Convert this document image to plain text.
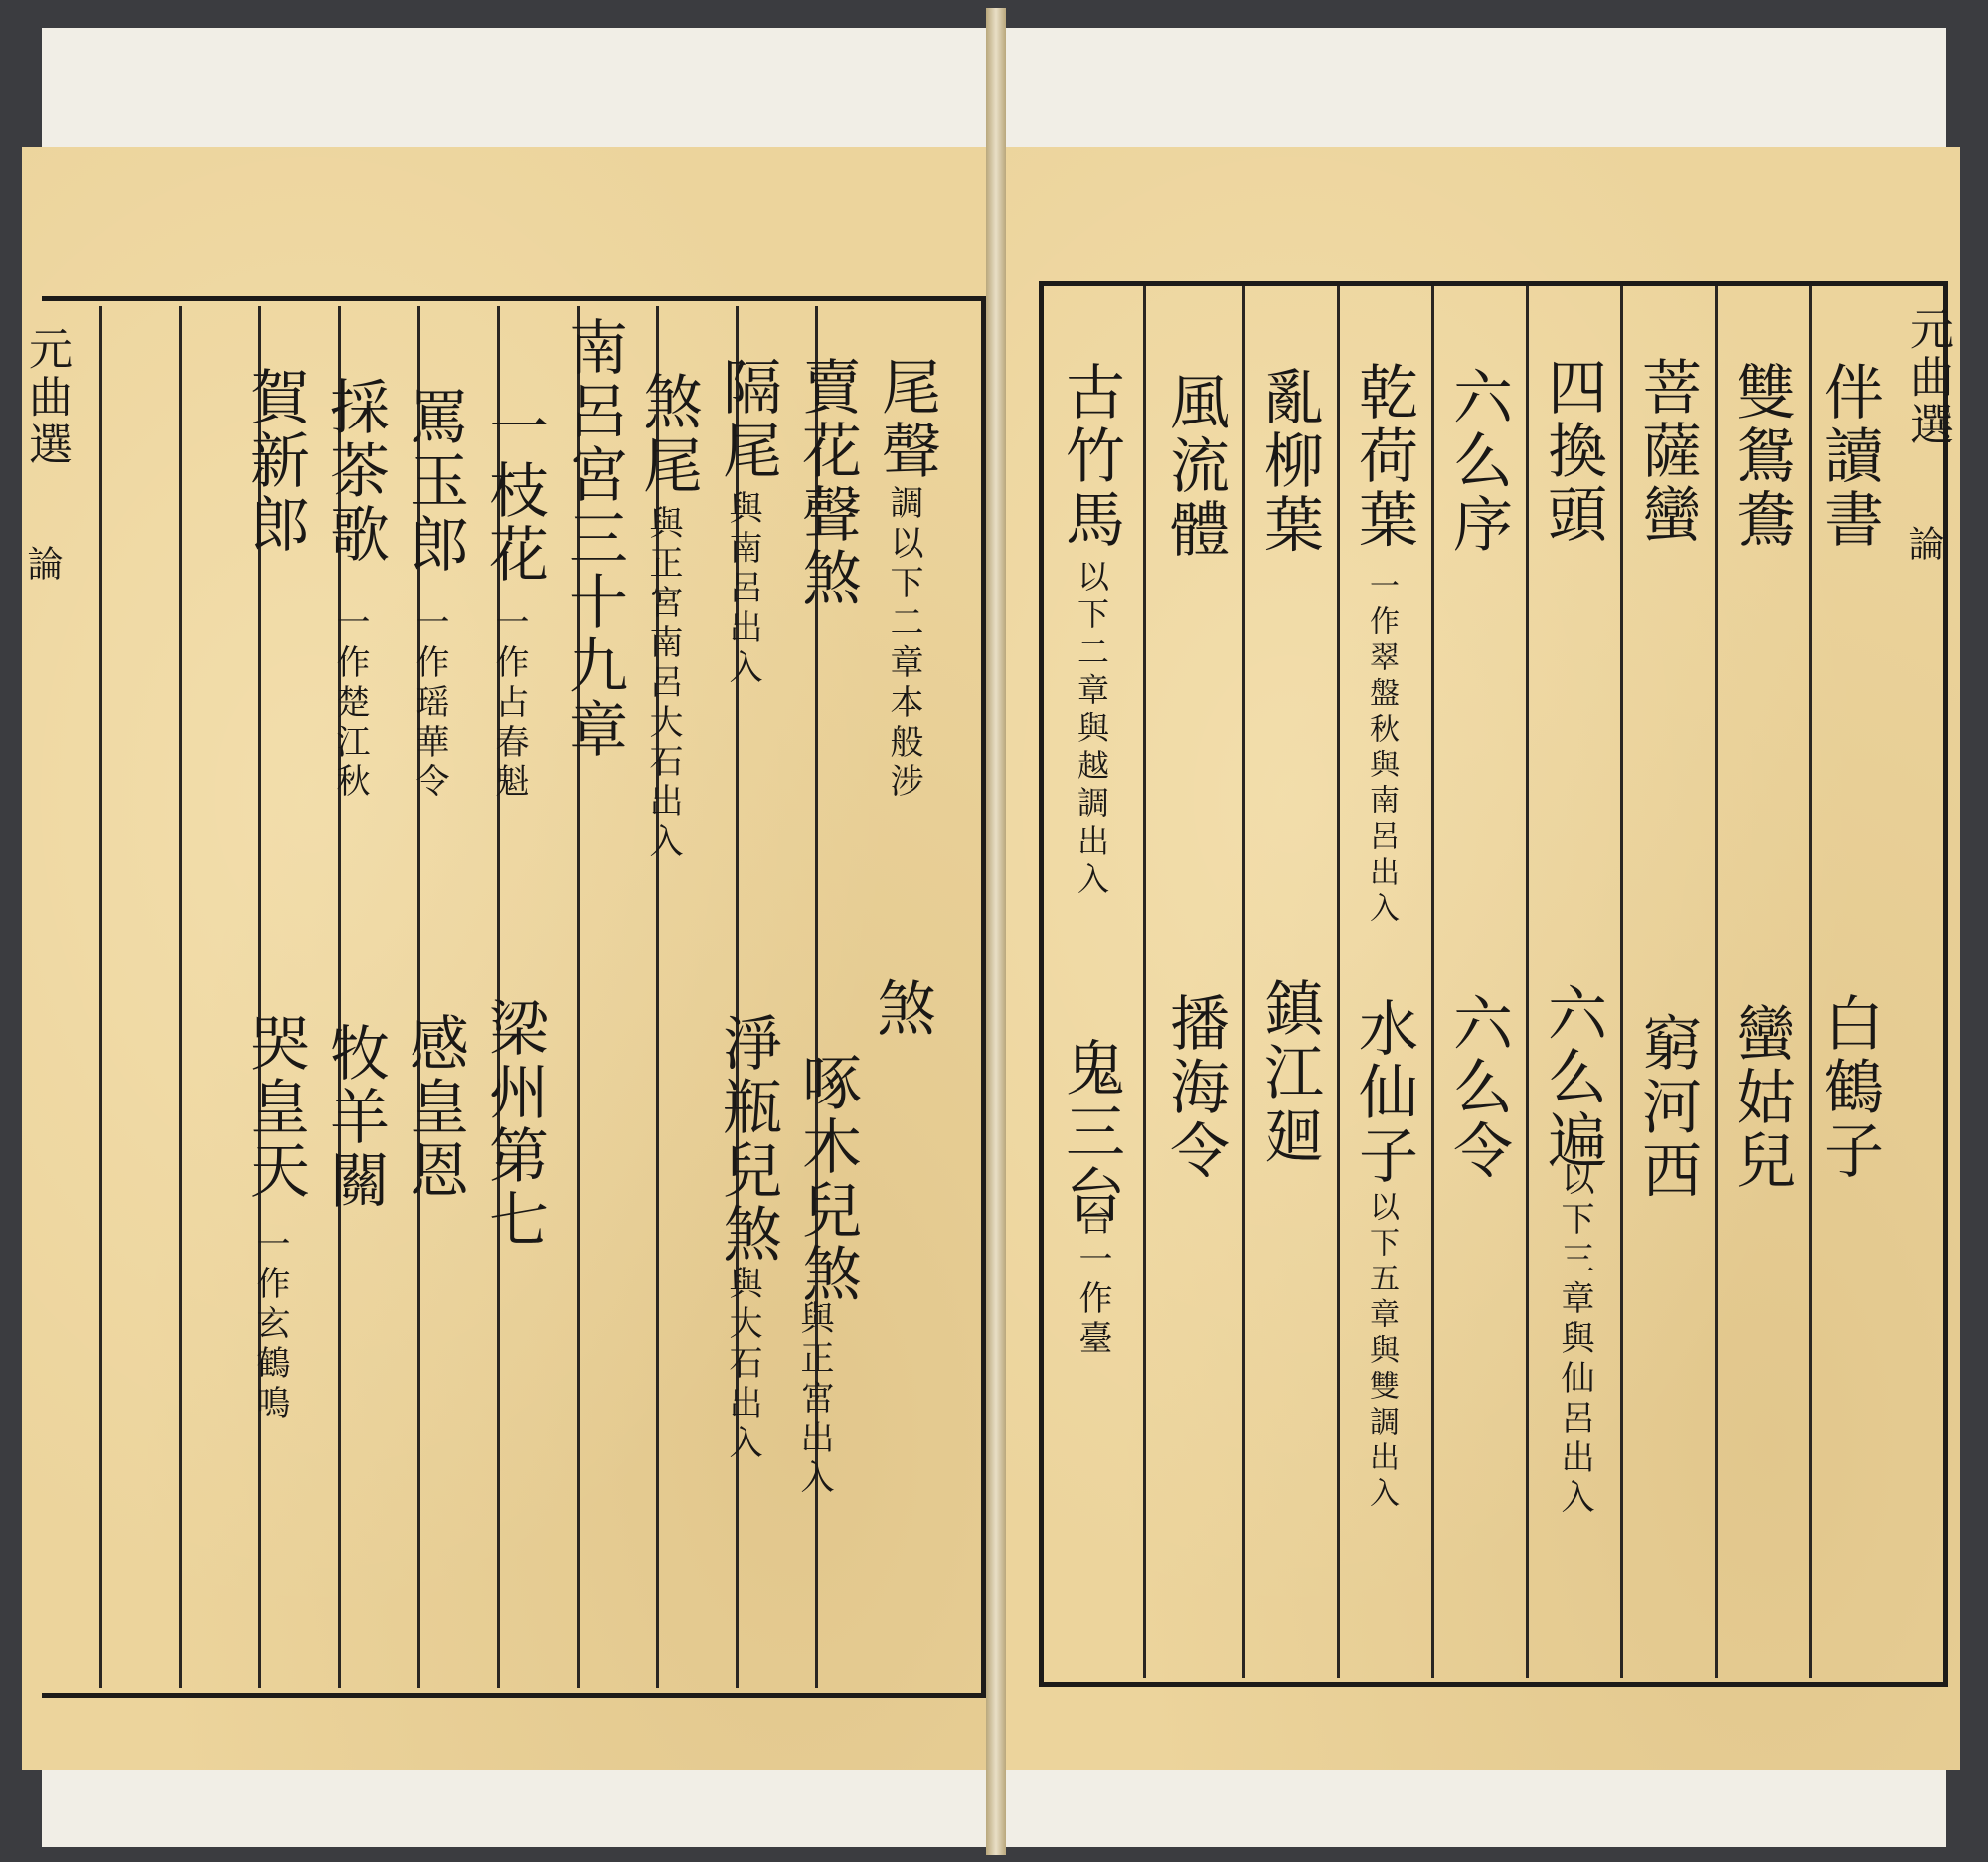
元曲選
論
尾聲
調以下二章本般涉
煞
賣花聲煞
啄木兒煞
與正宮出入
隔尾
與南呂出入
淨瓶兒煞
與大石出入
煞尾
與正宮南呂大石出入
南呂宮三十九章
一枝花
一作占春魁
梁州第七
罵玉郎
一作瑶華令
感皇恩
採茶歌
一作楚江秋
牧羊關
賀新郎
哭皇天
一作玄鶴鳴
元曲選
論
伴讀書
白鶴子
雙鴛鴦
蠻姑兒
菩薩蠻
窮河西
四換頭
六么遍
以下三章與仙呂出入
六么序
六么令
乾荷葉
一作翠盤秋與南呂出入
水仙子
以下五章與雙調出入
亂柳葉
鎮江廻
風流體
播海令
古竹馬
以下二章與越調出入
鬼三台
台一作臺
